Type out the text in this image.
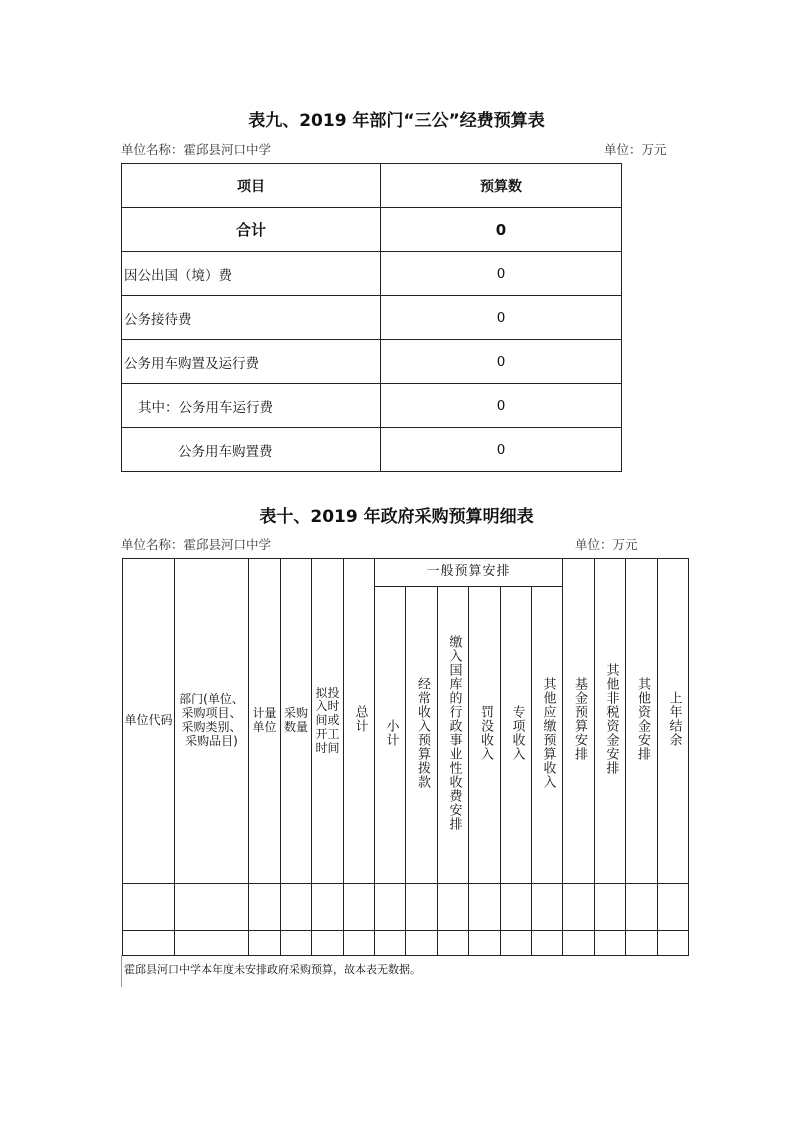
表九、2019 年部门“三公”经费预算表
单位名称：霍邱县河口中学	单位：万元
项目	预算数
合计	0
因公出国（境）费	0
公务接待费	0
公务用车购置及运行费	0
其中：公务用车运行费	0
公务用车购置费	0
表十、2019 年政府采购预算明细表
单位名称：霍邱县河口中学	单位：万元
单位代码	部门(单位、采购项目、采购类别、采购品目)	计量单位	采购数量	拟投入时间或开工时间	总计	一般预算安排						基金预算安排	其他非税资金安排	其他资金安排	上年结余
						小计	经常收入预算拨款	缴入国库的行政事业性收费安排	罚没收入	专项收入	其他应缴预算收入				

霍邱县河口中学本年度未安排政府采购预算，故本表无数据。
